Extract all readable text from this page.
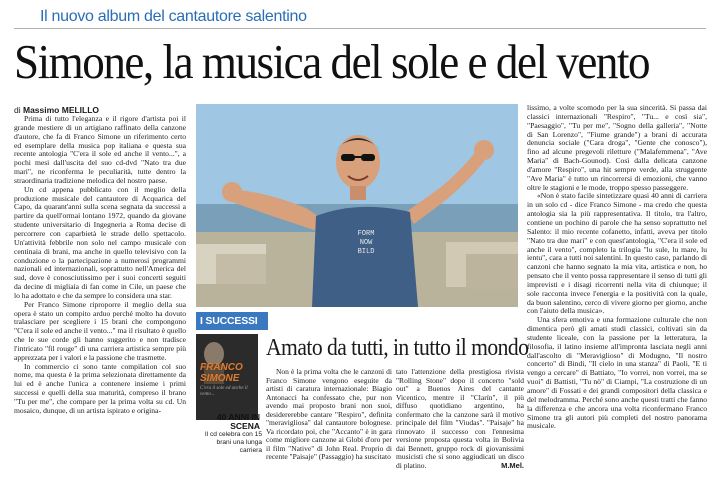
Il nuovo album del cantautore salentino
Simone, la musica del sole e del vento
di Massimo MELILLO

Prima di tutto l'eleganza e il rigore d'artista poi il grande mestiere di un artigiano raffinato della canzone d'autore, che fa di Franco Simone un riferimento certo ed esemplare della musica pop italiana e questa sua recente antologia "C'era il sole ed anche il vento...", a pochi mesi dall'uscita del suo cd-dvd "Nato tra due mari", ne riconferma le peculiarità, tutte dentro la straordinaria tradizione melodica del nostro paese.

Un cd appena pubblicato con il meglio della produzione musicale del cantautore di Acquarica del Capo, da quarant'anni sulla scena segnata da successi a partire da quell'ormai lontano 1972, quando da giovane studente universitario di Ingegneria a Roma decise di percorrere con caparbietà le strade dello spettacolo. Un'attività febbrile non solo nel campo musicale con centinaia di brani, ma anche in quello televisivo con la conduzione o la partecipazione a numerosi programmi nazionali ed internazionali, soprattutto nell'America del sud, dove è conosciutissimo per i suoi concerti seguiti da decine di migliaia di fan come in Cile, un paese che lo ha adottato e che da sempre lo considera una star.

Per Franco Simone riproporre il meglio della sua opera è stato un compito arduo perché molto ha dovuto tralasciare per scegliere i 15 brani che compongono "C'era il sole ed anche il vento..." ma il risultato è quello che le sue corde gli hanno suggerito e non tradisce l'intricato "fil rouge" di una carriera artistica sempre più apprezzata per i valori e la passione che trasmette.

In commercio ci sono tante compilation col suo nome, ma questa è la prima selezionata direttamente da lui ed è anche l'unica a contenere insieme i primi successi e quelli della sua maturità, compreso il brano "Tu per me", che compare per la prima volta su cd. Un mosaico, dunque, di un artista ispirato e origina-

FORM
NOW
BILD
I SUCCESSI
FRANCO SIMONE
C'era il sole ed anche il vento...
40 ANNI IN SCENA
Il cd celebra con 15 brani una lunga carriera
Amato da tutti, in tutto il mondo

Non è la prima volta che le canzoni di Franco Simone vengono eseguite da artisti di caratura internazionale: Biagio Antonacci ha confessato che, pur non avendo mai proposto brani non suoi, desidererebbe cantare "Respiro", definita "meravigliosa" dal cantautore bolognese. Va ricordato poi, che "Accanto" è in gara come migliore canzone ai Globi d'oro per il film "Native" di John Real. Proprio di recente "Paisaje" (Passaggio) ha suscitato

tato l'attenzione della prestigiosa rivista "Rolling Stone" dopo il concerto "sold out" a Buenos Aires del cantante Vicentico, mentre il "Clarín", il più diffuso quotidiano argentino, ha confermato che la canzone sarà il motivo principale del film "Viudas". "Paisaje" ha rinnovato il successo con l'ennesima versione proposta questa volta in Bolivia dai Bennett, gruppo rock di giovanissimi musicisti che si sono aggiudicati un disco di platino.	M.Mel.

lissimo, a volte scomodo per la sua sincerità. Si passa dai classici internazionali "Respiro", "Tu... e così sia", "Paesaggio", "Tu per me", "Sogno della galleria", "Notte di San Lorenzo", "Fiume grande") a brani di accurata denuncia sociale ("Cara droga", "Gente che conosco"), fino ad alcune pregevoli riletture ("Malafemmena", "Ave Maria" di Bach-Gounod). Così dalla delicata canzone d'amore "Respiro", una hit sempre verde, alla struggente "Ave Maria" è tutto un rincorrersi di emozioni, che vanno oltre le stagioni e le mode, troppo spesso passeggere.

«Non è stato facile sintetizzare quasi 40 anni di carriera in un solo cd - dice Franco Simone - ma credo che questa antologia sia la più rappresentativa. Il titolo, tra l'altro, contiene un pochino di parole che ha senso soprattutto nel Salento: il mio recente cofanetto, infatti, aveva per titolo "Nato tra due mari" e con quest'antologia, "C'era il sole ed anche il vento", completo la trilogia "lu sule, lu mare, lu ientu", cara a tutti noi salentini. In questo caso, parlando di canzoni che hanno segnato la mia vita, artistica e non, ho pensato che il vento possa rappresentare il senso di tutti gli imprevisti e i disagi ricorrenti nella vita di chiunque; il sole racconta invece l'energia e la positività con la quale, da buon salentino, cerco di vivere giorno per giorno, anche con l'aiuto della musica».

Una sfera emotiva e una formazione culturale che non dimentica però gli amati studi classici, coltivati sin da studente liceale, con la passione per la letteratura, la filosofia, il latino insieme all'impronta lasciata negli anni dall'ascolto di "Meraviglioso" di Modugno, "Il nostro concerto" di Bindi, "Il cielo in una stanza" di Paoli, "E ti vengo a cercare" di Battiato, "Io vorrei, non vorrei, ma se vuoi" di Battisti, "Tu nò" di Ciampi, "La costruzione di un amore" di Fossati e dei grandi compositori della classica e del melodramma. Perché sono anche questi tratti che fanno la differenza e che ancora una volta riconfermano Franco Simone tra gli autori più completi del nostro panorama musicale.
